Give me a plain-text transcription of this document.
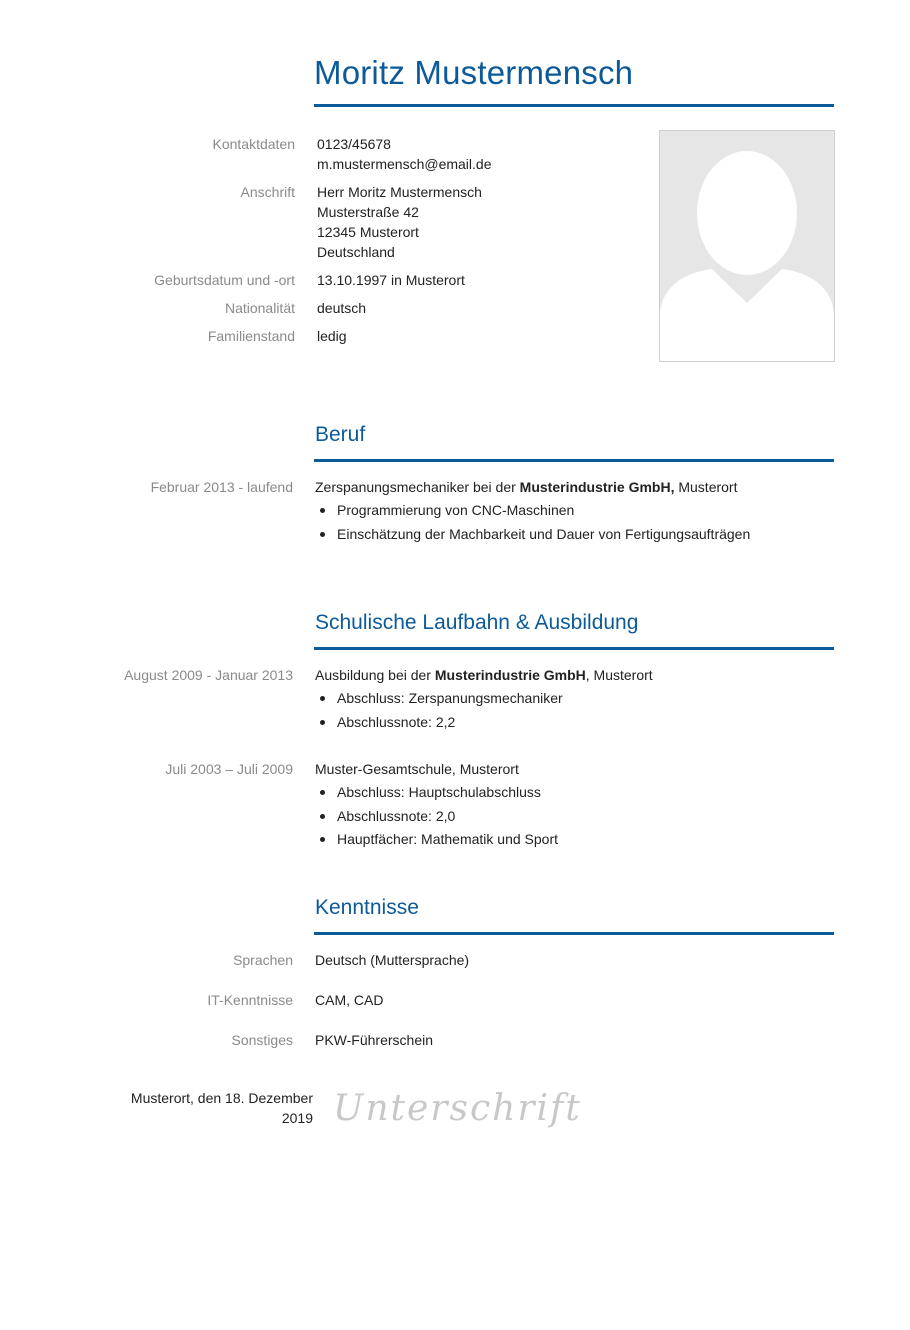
Moritz Mustermensch
Kontaktdaten 0123/45678
m.mustermensch@email.de
Anschrift Herr Moritz Mustermensch
Musterstraße 42
12345 Musterort
Deutschland
Geburtsdatum und -ort 13.10.1997 in Musterort
Nationalität deutsch
Familienstand ledig
Beruf
Februar 2013 - laufend Zerspanungsmechaniker bei der Musterindustrie GmbH, Musterort
Programmierung von CNC-Maschinen
Einschätzung der Machbarkeit und Dauer von Fertigungsaufträgen
Schulische Laufbahn & Ausbildung
August 2009 - Januar 2013 Ausbildung bei der Musterindustrie GmbH, Musterort
Abschluss: Zerspanungsmechaniker
Abschlussnote: 2,2
Juli 2003 – Juli 2009 Muster-Gesamtschule, Musterort
Abschluss: Hauptschulabschluss
Abschlussnote: 2,0
Hauptfächer: Mathematik und Sport
Kenntnisse
Sprachen Deutsch (Muttersprache)
IT-Kenntnisse CAM, CAD
Sonstiges PKW-Führerschein
Musterort, den 18. Dezember
2019 Unterschrift
